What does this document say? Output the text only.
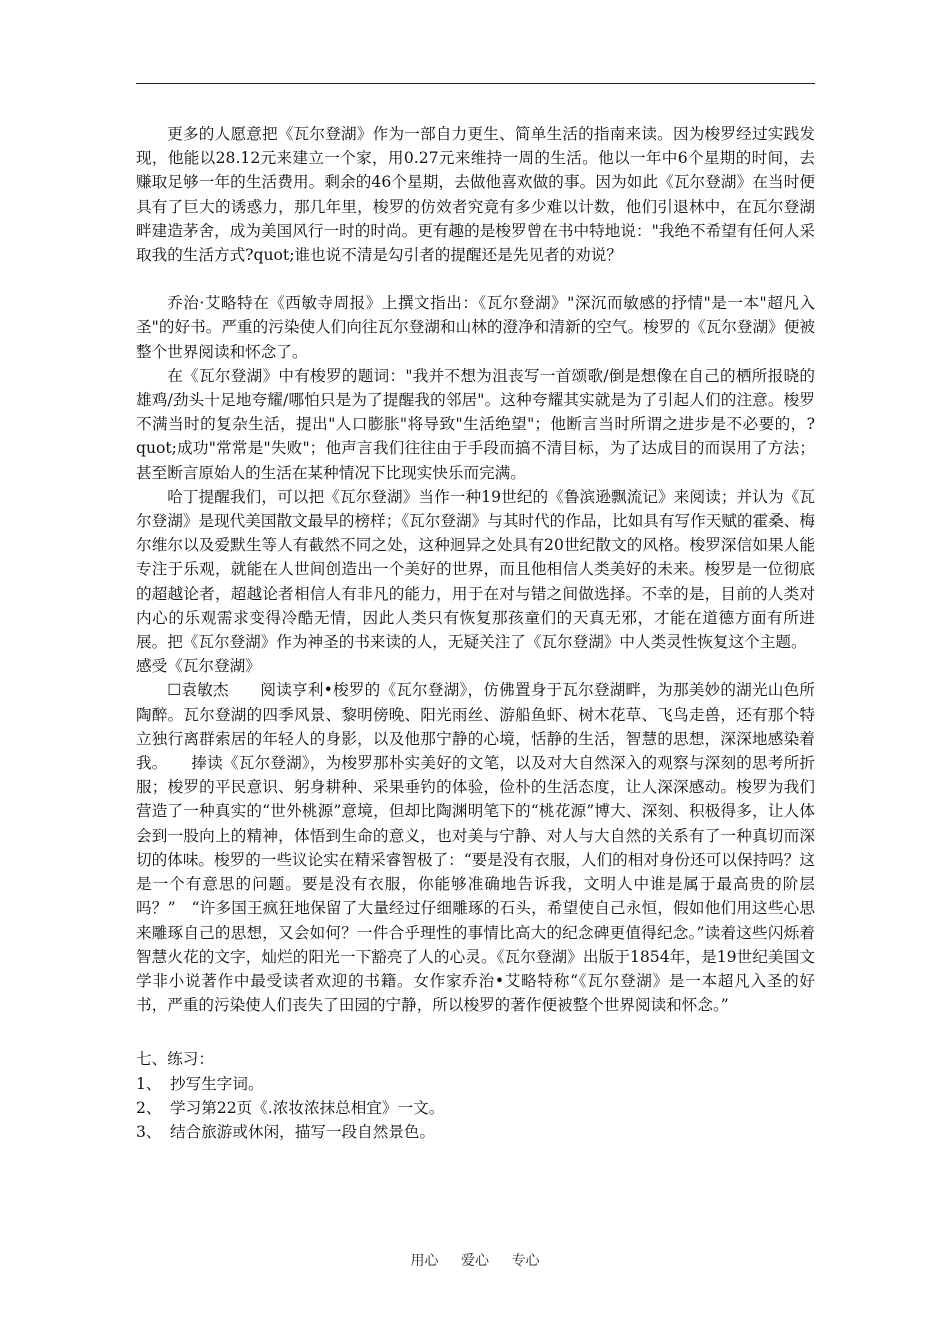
更多的人愿意把《瓦尔登湖》作为一部自力更生、简单生活的指南来读。因为梭罗经过实践发现，他能以28.12元来建立一个家，用0.27元来维持一周的生活。他以一年中6个星期的时间，去赚取足够一年的生活费用。剩余的46个星期，去做他喜欢做的事。因为如此《瓦尔登湖》在当时便具有了巨大的诱惑力，那几年里，梭罗的仿效者究竟有多少难以计数，他们引退林中，在瓦尔登湖畔建造茅舍，成为美国风行一时的时尚。更有趣的是梭罗曾在书中特地说："我绝不希望有任何人采取我的生活方式?quot;谁也说不清是勾引者的提醒还是先见者的劝说？

乔治·艾略特在《西敏寺周报》上撰文指出：《瓦尔登湖》"深沉而敏感的抒情"是一本"超凡入圣"的好书。严重的污染使人们向往瓦尔登湖和山林的澄净和清新的空气。梭罗的《瓦尔登湖》便被整个世界阅读和怀念了。

在《瓦尔登湖》中有梭罗的题词："我并不想为沮丧写一首颂歌/倒是想像在自己的栖所报晓的雄鸡/劲头十足地夸耀/哪怕只是为了提醒我的邻居"。这种夸耀其实就是为了引起人们的注意。梭罗不满当时的复杂生活，提出"人口膨胀"将导致"生活绝望"；他断言当时所谓之进步是不必要的，?quot;成功"常常是"失败"；他声言我们往往由于手段而搞不清目标，为了达成目的而误用了方法；甚至断言原始人的生活在某种情况下比现实快乐而完满。

哈丁提醒我们，可以把《瓦尔登湖》当作一种19世纪的《鲁滨逊飘流记》来阅读；并认为《瓦尔登湖》是现代美国散文最早的榜样；《瓦尔登湖》与其时代的作品，比如具有写作天赋的霍桑、梅尔维尔以及爱默生等人有截然不同之处，这种迥异之处具有20世纪散文的风格。梭罗深信如果人能专注于乐观，就能在人世间创造出一个美好的世界，而且他相信人类美好的未来。梭罗是一位彻底的超越论者，超越论者相信人有非凡的能力，用于在对与错之间做选择。不幸的是，目前的人类对内心的乐观需求变得冷酷无情，因此人类只有恢复那孩童们的天真无邪，才能在道德方面有所进展。把《瓦尔登湖》作为神圣的书来读的人，无疑关注了《瓦尔登湖》中人类灵性恢复这个主题。

感受《瓦尔登湖》

☐袁敏杰　　阅读亨利•梭罗的《瓦尔登湖》，仿佛置身于瓦尔登湖畔，为那美妙的湖光山色所陶醉。瓦尔登湖的四季风景、黎明傍晚、阳光雨丝、游船鱼虾、树木花草、飞鸟走兽，还有那个特立独行离群索居的年轻人的身影，以及他那宁静的心境，恬静的生活，智慧的思想，深深地感染着我。　　捧读《瓦尔登湖》，为梭罗那朴实美好的文笔，以及对大自然深入的观察与深刻的思考所折服；梭罗的平民意识、躬身耕种、采果垂钓的体验，俭朴的生活态度，让人深深感动。梭罗为我们营造了一种真实的“世外桃源”意境，但却比陶渊明笔下的“桃花源”博大、深刻、积极得多，让人体会到一股向上的精神，体悟到生命的意义，也对美与宁静、对人与大自然的关系有了一种真切而深切的体味。梭罗的一些议论实在精采睿智极了：“要是没有衣服，人们的相对身份还可以保持吗？这是一个有意思的问题。要是没有衣服，你能够准确地告诉我，文明人中谁是属于最高贵的阶层吗？”　“许多国王疯狂地保留了大量经过仔细雕琢的石头，希望使自己永恒，假如他们用这些心思来雕琢自己的思想，又会如何？一件合乎理性的事情比高大的纪念碑更值得纪念。”读着这些闪烁着智慧火花的文字，灿烂的阳光一下豁亮了人的心灵。《瓦尔登湖》出版于1854年，是19世纪美国文学非小说著作中最受读者欢迎的书籍。女作家乔治•艾略特称“《瓦尔登湖》是一本超凡入圣的好书，严重的污染使人们丧失了田园的宁静，所以梭罗的著作便被整个世界阅读和怀念。”

七、练习：

1、 抄写生字词。
2、 学习第22页《.浓妆浓抹总相宜》一文。
3、 结合旅游或休闲，描写一段自然景色。
用心 爱心 专心
